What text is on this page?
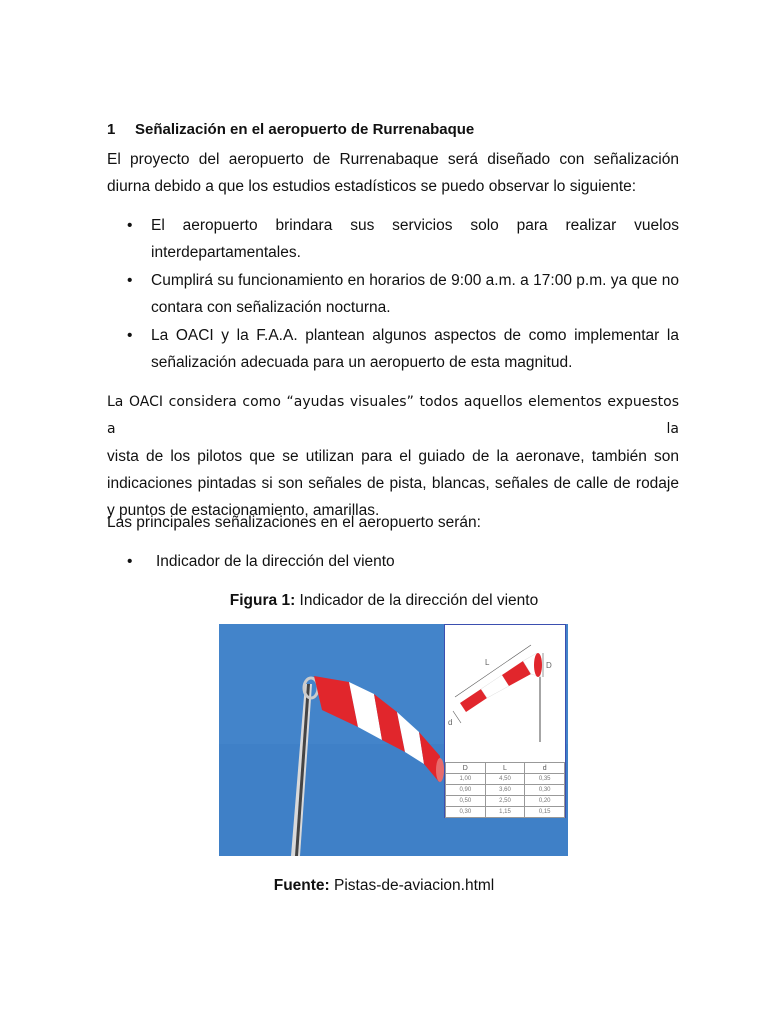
1 Señalización en el aeropuerto de Rurrenabaque
El proyecto del aeropuerto de Rurrenabaque será diseñado con señalización diurna debido a que los estudios estadísticos se puedo observar lo siguiente:
• El aeropuerto brindara sus servicios solo para realizar vuelos interdepartamentales.
• Cumplirá su funcionamiento en horarios de 9:00 a.m. a 17:00 p.m. ya que no contara con señalización nocturna.
• La OACI y la F.A.A. plantean algunos aspectos de como implementar la señalización adecuada para un aeropuerto de esta magnitud.
La OACI considera como “ayudas visuales” todos aquellos elementos expuestos a la
vista de los pilotos que se utilizan para el guiado de la aeronave, también son indicaciones pintadas si son señales de pista, blancas, señales de calle de rodaje y puntos de estacionamiento, amarillas.
Las principales señalizaciones en el aeropuerto serán:
• Indicador de la dirección del viento
Figura 1: Indicador de la dirección del viento
L	D
d
D	L	d
1,00	4,50	0,35
0,90	3,60	0,30
0,50	2,50	0,20
0,30	1,15	0,15
Fuente: Pistas-de-aviacion.html
